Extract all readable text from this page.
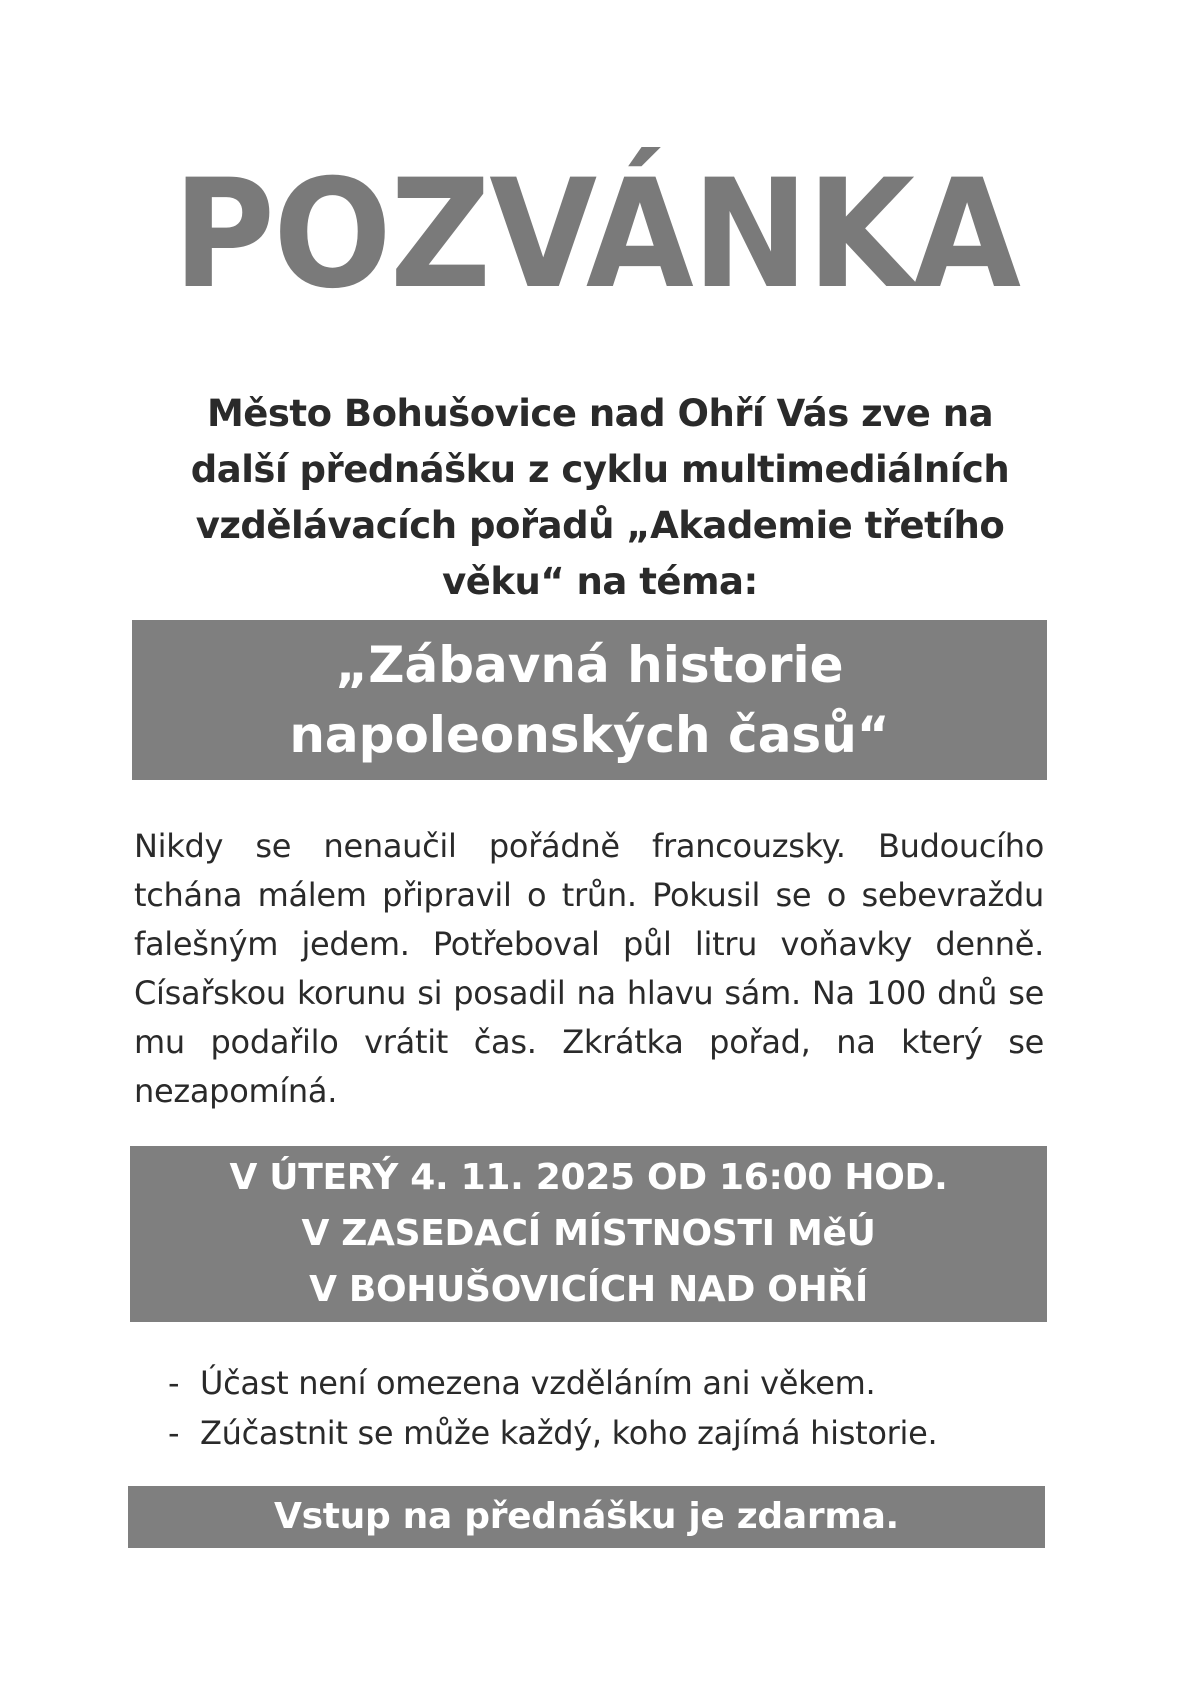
POZVÁNKA

Město Bohušovice nad Ohří Vás zve na

další přednášku z cyklu multimediálních

vzdělávacích pořadů „Akademie třetího

věku“ na téma:

„Zábavná historie

napoleonských časů“

Nikdy se nenaučil pořádně francouzsky. Budoucího tchána málem připravil o trůn. Pokusil se o sebevraždu falešným jedem. Potřeboval půl litru voňavky denně. Císařskou korunu si posadil na hlavu sám. Na 100 dnů se mu podařilo vrátit čas. Zkrátka pořad, na který se nezapomíná.

V ÚTERÝ 4. 11. 2025 OD 16:00 HOD.

V ZASEDACÍ MÍSTNOSTI MěÚ

V BOHUŠOVICÍCH NAD OHŘÍ

- Účast není omezena vzděláním ani věkem.
- Zúčastnit se může každý, koho zajímá historie.
Vstup na přednášku je zdarma.
